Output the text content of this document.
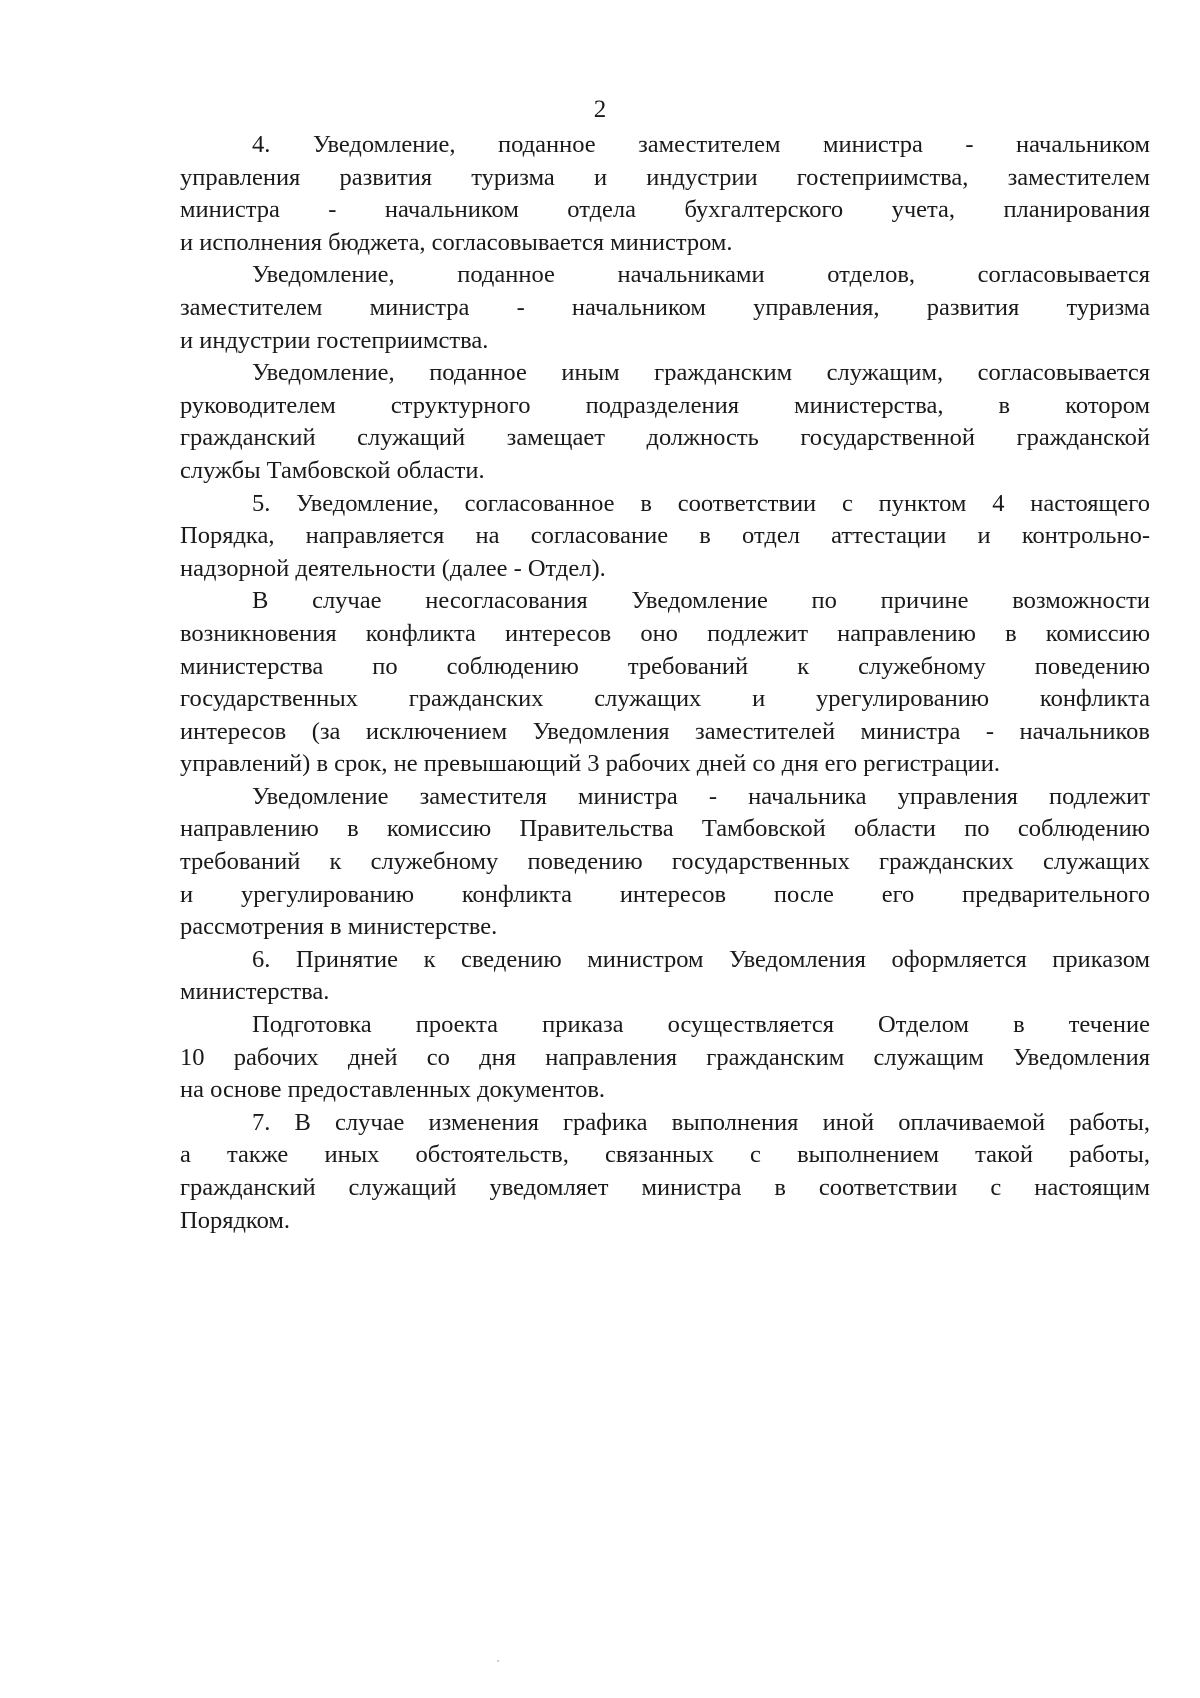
2

4. Уведомление, поданное заместителем министра - начальником
управления развития туризма и индустрии гостеприимства, заместителем
министра - начальником отдела бухгалтерского учета, планирования
и исполнения бюджета, согласовывается министром.

Уведомление, поданное начальниками отделов, согласовывается
заместителем министра - начальником управления, развития туризма
и индустрии гостеприимства.

Уведомление, поданное иным гражданским служащим, согласовывается
руководителем структурного подразделения министерства, в котором
гражданский служащий замещает должность государственной гражданской
службы Тамбовской области.

5. Уведомление, согласованное в соответствии с пунктом 4 настоящего
Порядка, направляется на согласование в отдел аттестации и контрольно-
надзорной деятельности (далее - Отдел).

В случае несогласования Уведомление по причине возможности
возникновения конфликта интересов оно подлежит направлению в комиссию
министерства по соблюдению требований к служебному поведению
государственных гражданских служащих и урегулированию конфликта
интересов (за исключением Уведомления заместителей министра - начальников
управлений) в срок, не превышающий 3 рабочих дней со дня его регистрации.

Уведомление заместителя министра - начальника управления подлежит
направлению в комиссию Правительства Тамбовской области по соблюдению
требований к служебному поведению государственных гражданских служащих
и урегулированию конфликта интересов после его предварительного
рассмотрения в министерстве.

6. Принятие к сведению министром Уведомления оформляется приказом
министерства.

Подготовка проекта приказа осуществляется Отделом в течение
10 рабочих дней со дня направления гражданским служащим Уведомления
на основе предоставленных документов.

7. В случае изменения графика выполнения иной оплачиваемой работы,
а также иных обстоятельств, связанных с выполнением такой работы,
гражданский служащий уведомляет министра в соответствии с настоящим
Порядком.
